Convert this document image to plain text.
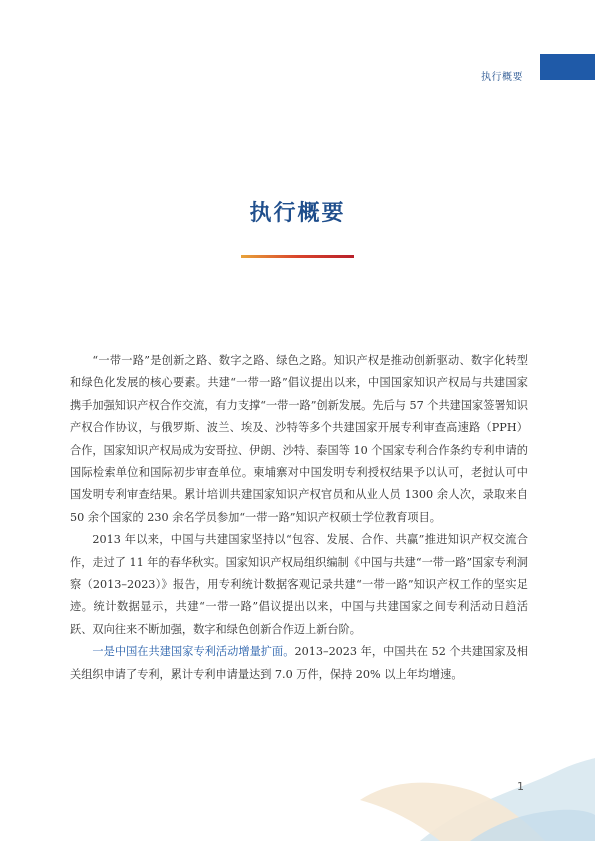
执行概要
执行概要

“一带一路”是创新之路、数字之路、绿色之路。知识产权是推动创新驱动、数字化转型和绿色化发展的核心要素。共建“一带一路”倡议提出以来，中国国家知识产权局与共建国家携手加强知识产权合作交流，有力支撑“一带一路”创新发展。先后与 57 个共建国家签署知识产权合作协议，与俄罗斯、波兰、埃及、沙特等多个共建国家开展专利审查高速路（PPH）合作，国家知识产权局成为安哥拉、伊朗、沙特、泰国等 10 个国家专利合作条约专利申请的国际检索单位和国际初步审查单位。柬埔寨对中国发明专利授权结果予以认可，老挝认可中国发明专利审查结果。累计培训共建国家知识产权官员和从业人员 1300 余人次，录取来自 50 余个国家的 230 余名学员参加“一带一路”知识产权硕士学位教育项目。

2013 年以来，中国与共建国家坚持以“包容、发展、合作、共赢”推进知识产权交流合作，走过了 11 年的春华秋实。国家知识产权局组织编制《中国与共建“一带一路”国家专利洞察（2013–2023）》报告，用专利统计数据客观记录共建“一带一路”知识产权工作的坚实足迹。统计数据显示，共建“一带一路”倡议提出以来，中国与共建国家之间专利活动日趋活跃、双向往来不断加强，数字和绿色创新合作迈上新台阶。

一是中国在共建国家专利活动增量扩面。2013–2023 年，中国共在 52 个共建国家及相关组织申请了专利，累计专利申请量达到 7.0 万件，保持 20% 以上年均增速。

1
